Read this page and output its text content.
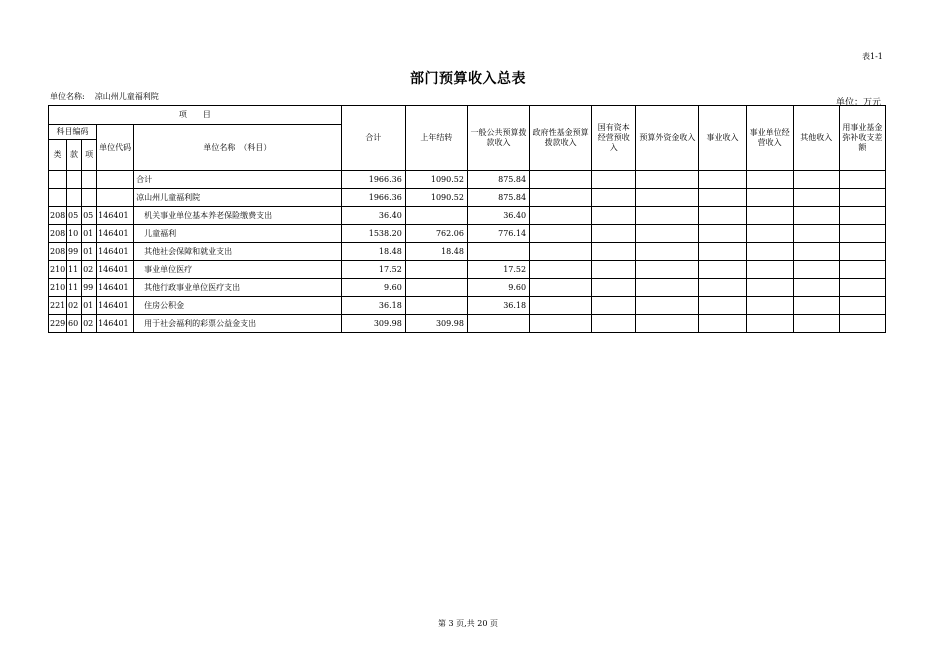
表1-1
部门预算收入总表
单位名称: 凉山州儿童福利院
单位：万元
项　　目					合计	上年结转	一般公共预算拨款收入	政府性基金预算拨款收入	国有资本经营预收入	预算外资金收入	事业收入	事业单位经营收入	其他收入	用事业基金弥补收支差额
科目编码			单位代码	单位名称　（科目）										
类	款	项												
				合计	1966.36	1090.52	875.84							
				凉山州儿童福利院	1966.36	1090.52	875.84							
208	05	05	146401	机关事业单位基本养老保险缴费支出	36.40		36.40							
208	10	01	146401	儿童福利	1538.20	762.06	776.14							
208	99	01	146401	其他社会保障和就业支出	18.48	18.48								
210	11	02	146401	事业单位医疗	17.52		17.52							
210	11	99	146401	其他行政事业单位医疗支出	9.60		9.60							
221	02	01	146401	住房公积金	36.18		36.18							
229	60	02	146401	用于社会福利的彩票公益金支出	309.98	309.98								
第 3 页,共 20 页
